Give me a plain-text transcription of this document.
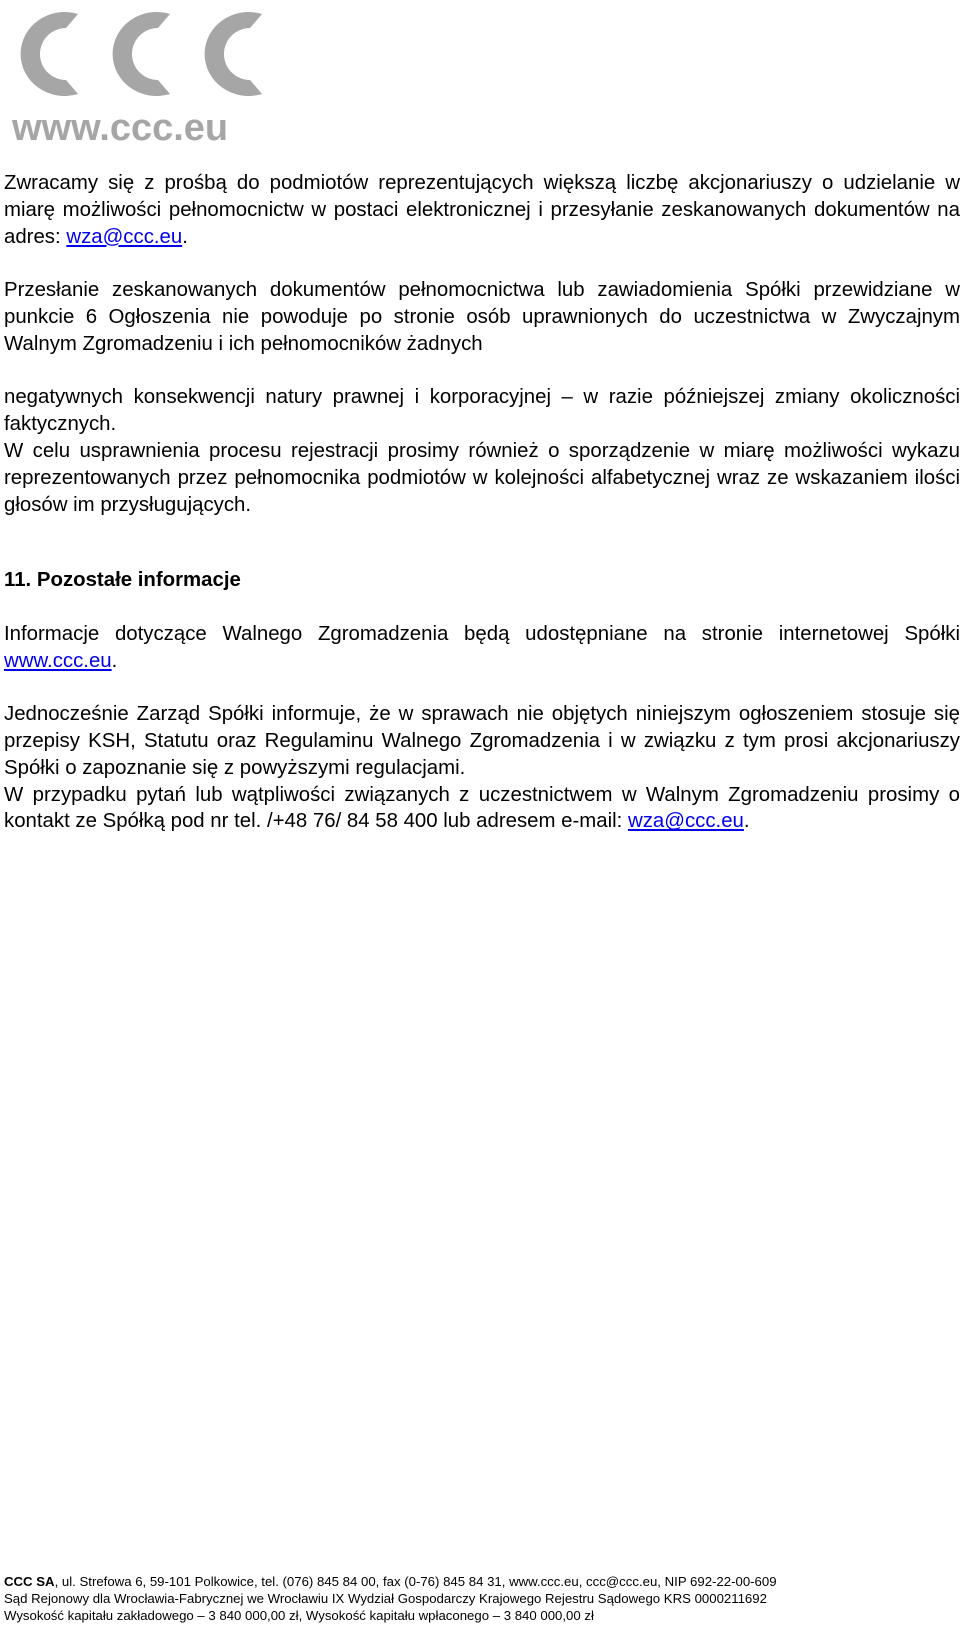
www.ccc.eu

Zwracamy się z prośbą do podmiotów reprezentujących większą liczbę akcjonariuszy o udzielanie w miarę możliwości pełnomocnictw w postaci elektronicznej i przesyłanie zeskanowanych dokumentów na adres: wza@ccc.eu.

Przesłanie zeskanowanych dokumentów pełnomocnictwa lub zawiadomienia Spółki przewidziane w punkcie 6 Ogłoszenia nie powoduje po stronie osób uprawnionych do uczestnictwa w Zwyczajnym Walnym Zgromadzeniu i ich pełnomocników żadnych

negatywnych konsekwencji natury prawnej i korporacyjnej – w razie późniejszej zmiany okoliczności faktycznych.

W celu usprawnienia procesu rejestracji prosimy również o sporządzenie w miarę możliwości wykazu reprezentowanych przez pełnomocnika podmiotów w kolejności alfabetycznej wraz ze wskazaniem ilości głosów im przysługujących.

11. Pozostałe informacje

Informacje dotyczące Walnego Zgromadzenia będą udostępniane na stronie internetowej Spółki www.ccc.eu.

Jednocześnie Zarząd Spółki informuje, że w sprawach nie objętych niniejszym ogłoszeniem stosuje się przepisy KSH, Statutu oraz Regulaminu Walnego Zgromadzenia i w związku z tym prosi akcjonariuszy Spółki o zapoznanie się z powyższymi regulacjami.

W przypadku pytań lub wątpliwości związanych z uczestnictwem w Walnym Zgromadzeniu prosimy o kontakt ze Spółką pod nr tel. /+48 76/ 84 58 400 lub adresem e-mail: wza@ccc.eu.

CCC SA, ul. Strefowa 6, 59-101 Polkowice, tel. (076) 845 84 00, fax (0-76) 845 84 31, www.ccc.eu, ccc@ccc.eu, NIP 692-22-00-609
Sąd Rejonowy dla Wrocławia-Fabrycznej we Wrocławiu IX Wydział Gospodarczy Krajowego Rejestru Sądowego KRS 0000211692
Wysokość kapitału zakładowego – 3 840 000,00 zł, Wysokość kapitału wpłaconego – 3 840 000,00 zł
